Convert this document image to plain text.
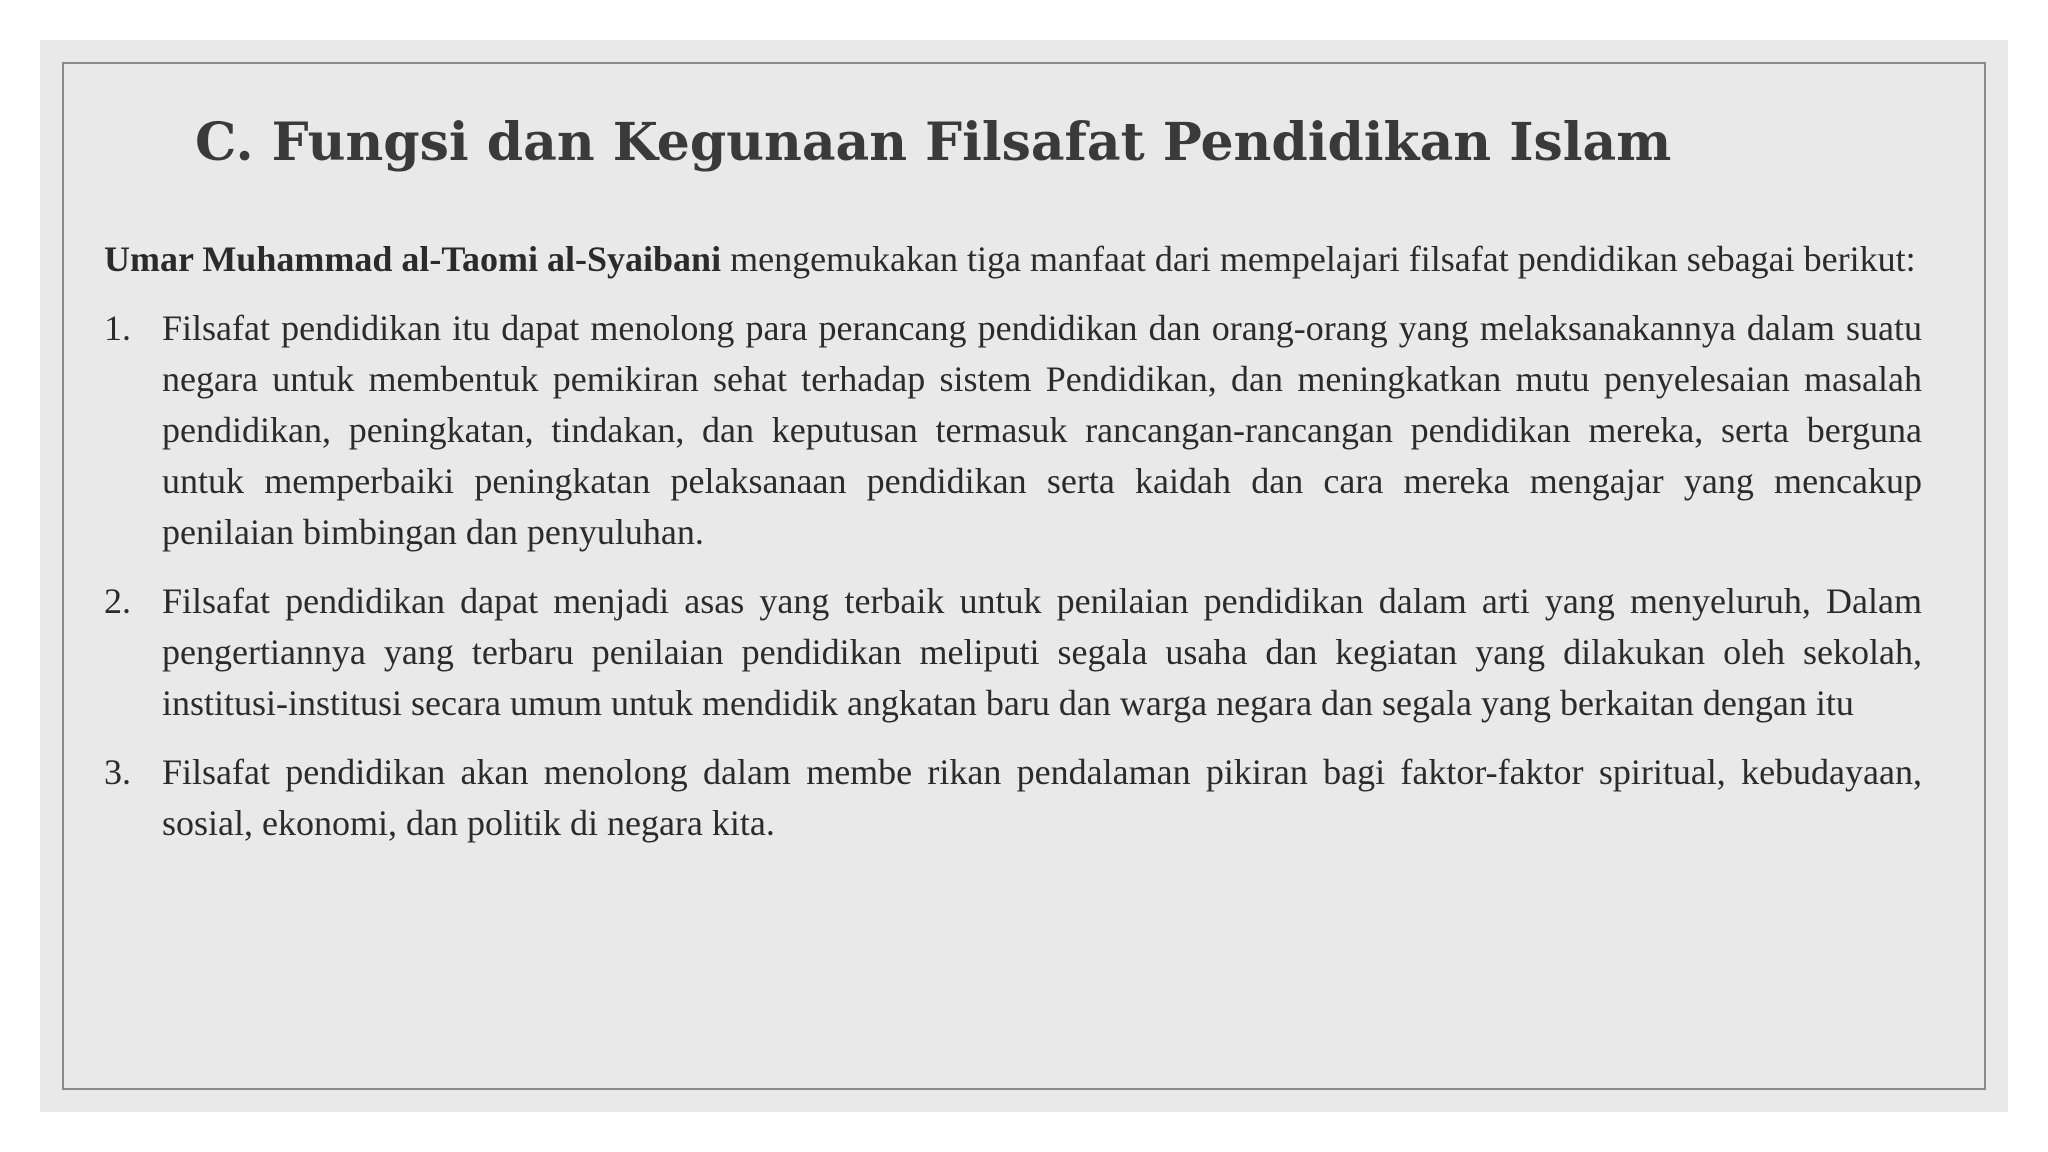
C. Fungsi dan Kegunaan Filsafat Pendidikan Islam

Umar Muhammad al-Taomi al-Syaibani mengemukakan tiga manfaat dari mempelajari filsafat pendidikan sebagai berikut:

1. Filsafat pendidikan itu dapat menolong para perancang pendidikan dan orang-orang yang melaksanakannya dalam suatu negara untuk membentuk pemikiran sehat terhadap sistem Pendidikan, dan meningkatkan mutu penyelesaian masalah pendidikan, peningkatan, tindakan, dan keputusan termasuk rancangan-rancangan pendidikan mereka, serta berguna untuk memperbaiki peningkatan pelaksanaan pendidikan serta kaidah dan cara mereka mengajar yang mencakup penilaian bimbingan dan penyuluhan.
2. Filsafat pendidikan dapat menjadi asas yang terbaik untuk penilaian pendidikan dalam arti yang menyeluruh, Dalam pengertiannya yang terbaru penilaian pendidikan meliputi segala usaha dan kegiatan yang dilakukan oleh sekolah, institusi-institusi secara umum untuk mendidik angkatan baru dan warga negara dan segala yang berkaitan dengan itu
3. Filsafat pendidikan akan menolong dalam membe rikan pendalaman pikiran bagi faktor-faktor spiritual, kebudayaan, sosial, ekonomi, dan politik di negara kita.
